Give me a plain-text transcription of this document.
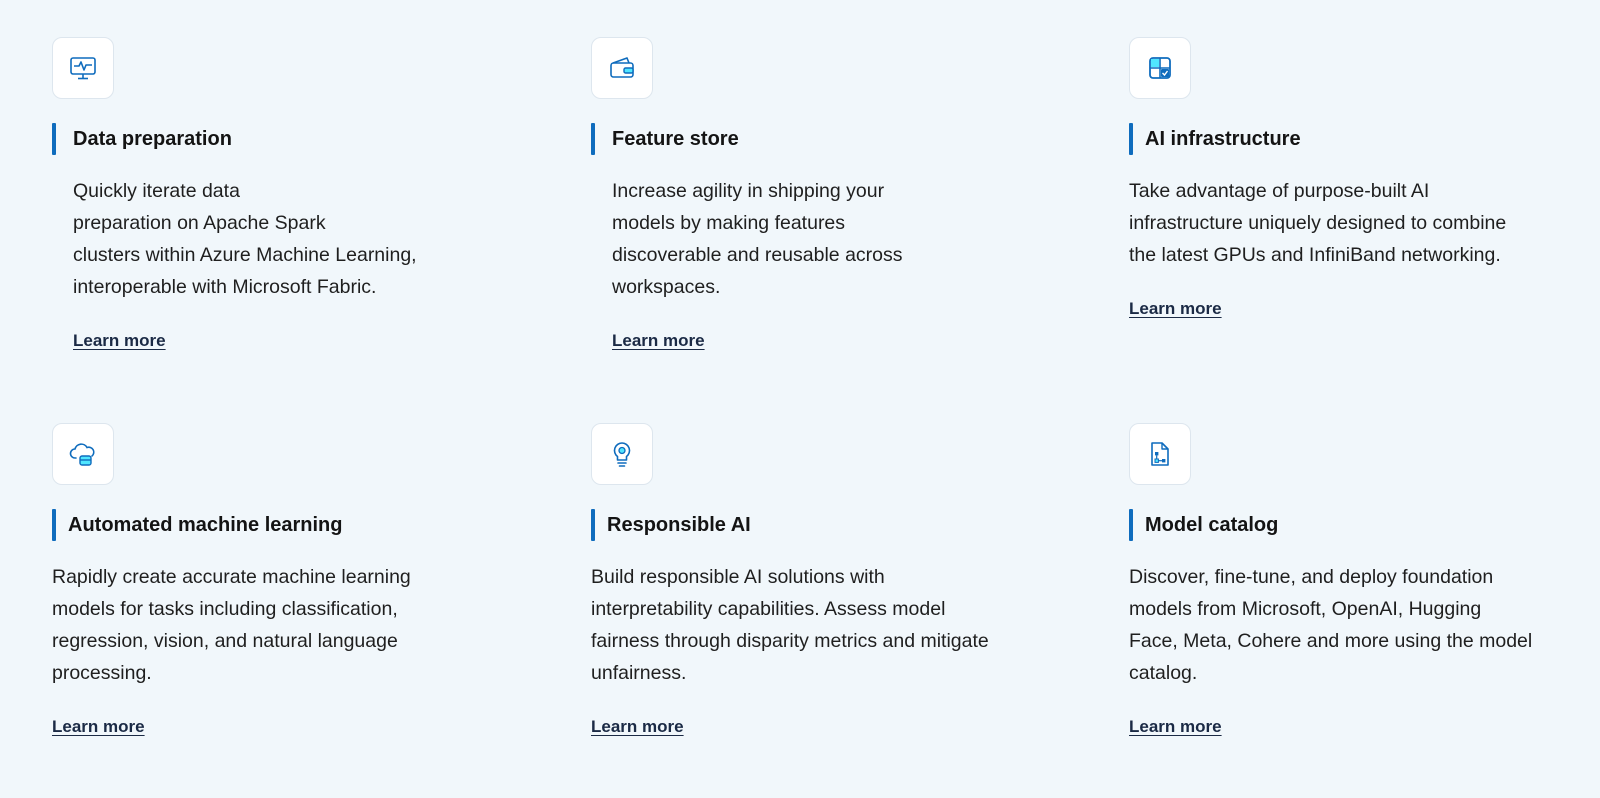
Data preparation

Quickly iterate data
preparation on Apache Spark
clusters within Azure Machine Learning,
interoperable with Microsoft Fabric.

Learn more
Feature store

Increase agility in shipping your
models by making features
discoverable and reusable across
workspaces.

Learn more
AI infrastructure

Take advantage of purpose-built AI
infrastructure uniquely designed to combine
the latest GPUs and InfiniBand networking.

Learn more
Automated machine learning

Rapidly create accurate machine learning
models for tasks including classification,
regression, vision, and natural language
processing.

Learn more
Responsible AI

Build responsible AI solutions with
interpretability capabilities. Assess model
fairness through disparity metrics and mitigate
unfairness.

Learn more
Model catalog

Discover, fine-tune, and deploy foundation
models from Microsoft, OpenAI, Hugging
Face, Meta, Cohere and more using the model
catalog.

Learn more
